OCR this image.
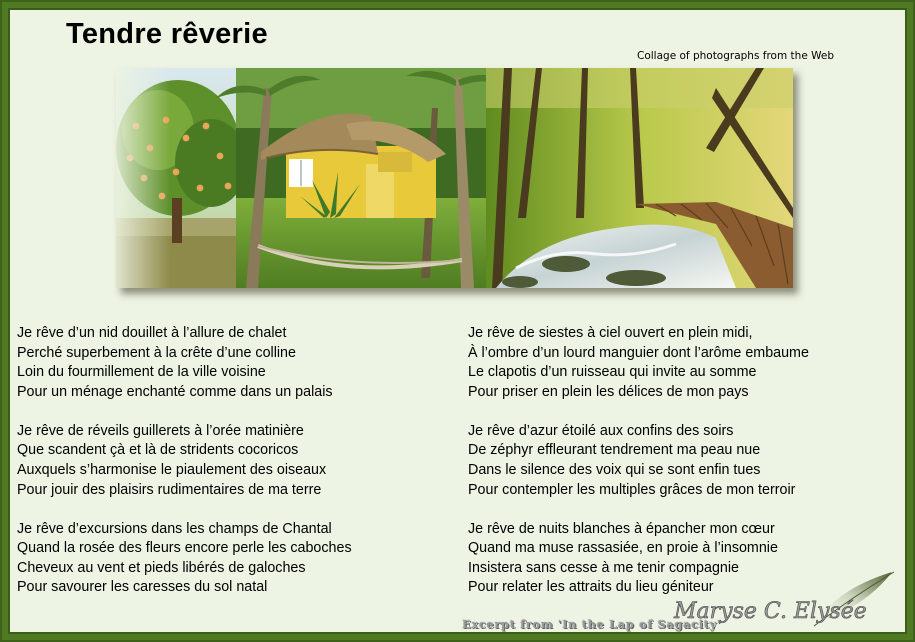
Tendre rêverie
Collage of photographs from the Web
Je rêve d’un nid douillet à l’allure de chalet
Perché superbement à la crête d’une colline
Loin du fourmillement de la ville voisine
Pour un ménage enchanté comme dans un palais
Je rêve de réveils guillerets à l’orée matinière
Que scandent çà et là de stridents cocoricos
Auxquels s’harmonise le piaulement des oiseaux
Pour jouir des plaisirs rudimentaires de ma terre
Je rêve d’excursions dans les champs de Chantal
Quand la rosée des fleurs encore perle les caboches
Cheveux au vent et pieds libérés de galoches
Pour savourer les caresses du sol natal
Je rêve de siestes à ciel ouvert en plein midi,
À l’ombre d’un lourd manguier dont l’arôme embaume
Le clapotis d’un ruisseau qui invite au somme
Pour priser en plein les délices de mon pays
Je rêve d’azur étoilé aux confins des soirs
De zéphyr effleurant tendrement ma peau nue
Dans le silence des voix qui se sont enfin tues
Pour contempler les multiples grâces de mon terroir
Je rêve de nuits blanches à épancher mon cœur
Quand ma muse rassasiée, en proie à l’insomnie
Insistera sans cesse à me tenir compagnie
Pour relater les attraits du lieu géniteur
Maryse C. Elysée
Excerpt from 'In the Lap of Sagacity'
